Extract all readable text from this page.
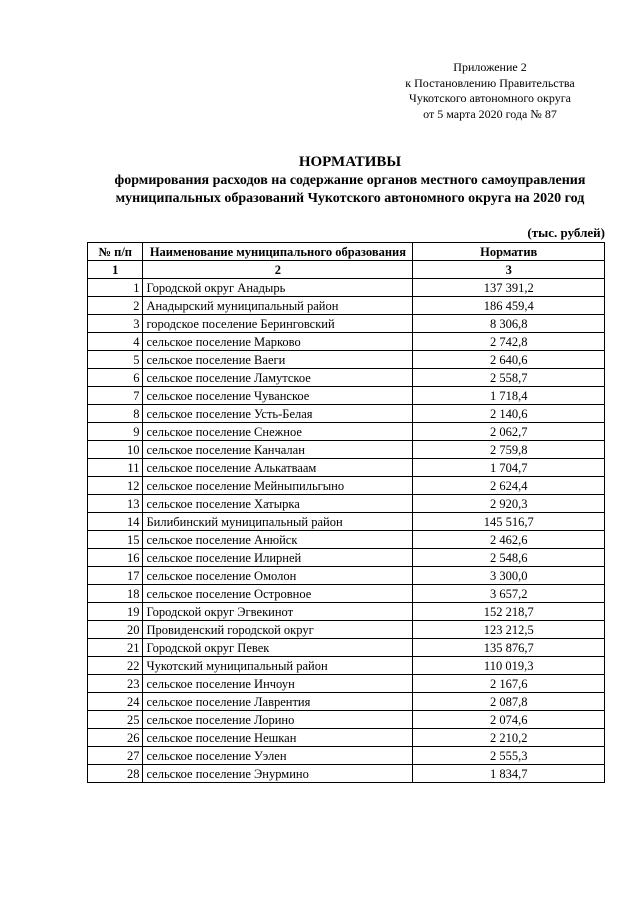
Приложение 2
к Постановлению Правительства
Чукотского автономного округа
от 5 марта 2020 года № 87
НОРМАТИВЫ
формирования расходов на содержание органов местного самоуправления
муниципальных образований Чукотского автономного округа на 2020 год
(тыс. рублей)
№ п/п	Наименование муниципального образования	Норматив
1	2	3
1	Городской округ Анадырь	137 391,2
2	Анадырский муниципальный район	186 459,4
3	городское поселение Беринговский	8 306,8
4	сельское поселение Марково	2 742,8
5	сельское поселение Ваеги	2 640,6
6	сельское поселение Ламутское	2 558,7
7	сельское поселение Чуванское	1 718,4
8	сельское поселение Усть-Белая	2 140,6
9	сельское поселение Снежное	2 062,7
10	сельское поселение Канчалан	2 759,8
11	сельское поселение Алькатваам	1 704,7
12	сельское поселение Мейныпильгыно	2 624,4
13	сельское поселение Хатырка	2 920,3
14	Билибинский муниципальный район	145 516,7
15	сельское поселение Анюйск	2 462,6
16	сельское поселение Илирней	2 548,6
17	сельское поселение Омолон	3 300,0
18	сельское поселение Островное	3 657,2
19	Городской округ Эгвекинот	152 218,7
20	Провиденский городской округ	123 212,5
21	Городской округ Певек	135 876,7
22	Чукотский муниципальный район	110 019,3
23	сельское поселение Инчоун	2 167,6
24	сельское поселение Лаврентия	2 087,8
25	сельское поселение Лорино	2 074,6
26	сельское поселение Нешкан	2 210,2
27	сельское поселение Уэлен	2 555,3
28	сельское поселение Энурмино	1 834,7
